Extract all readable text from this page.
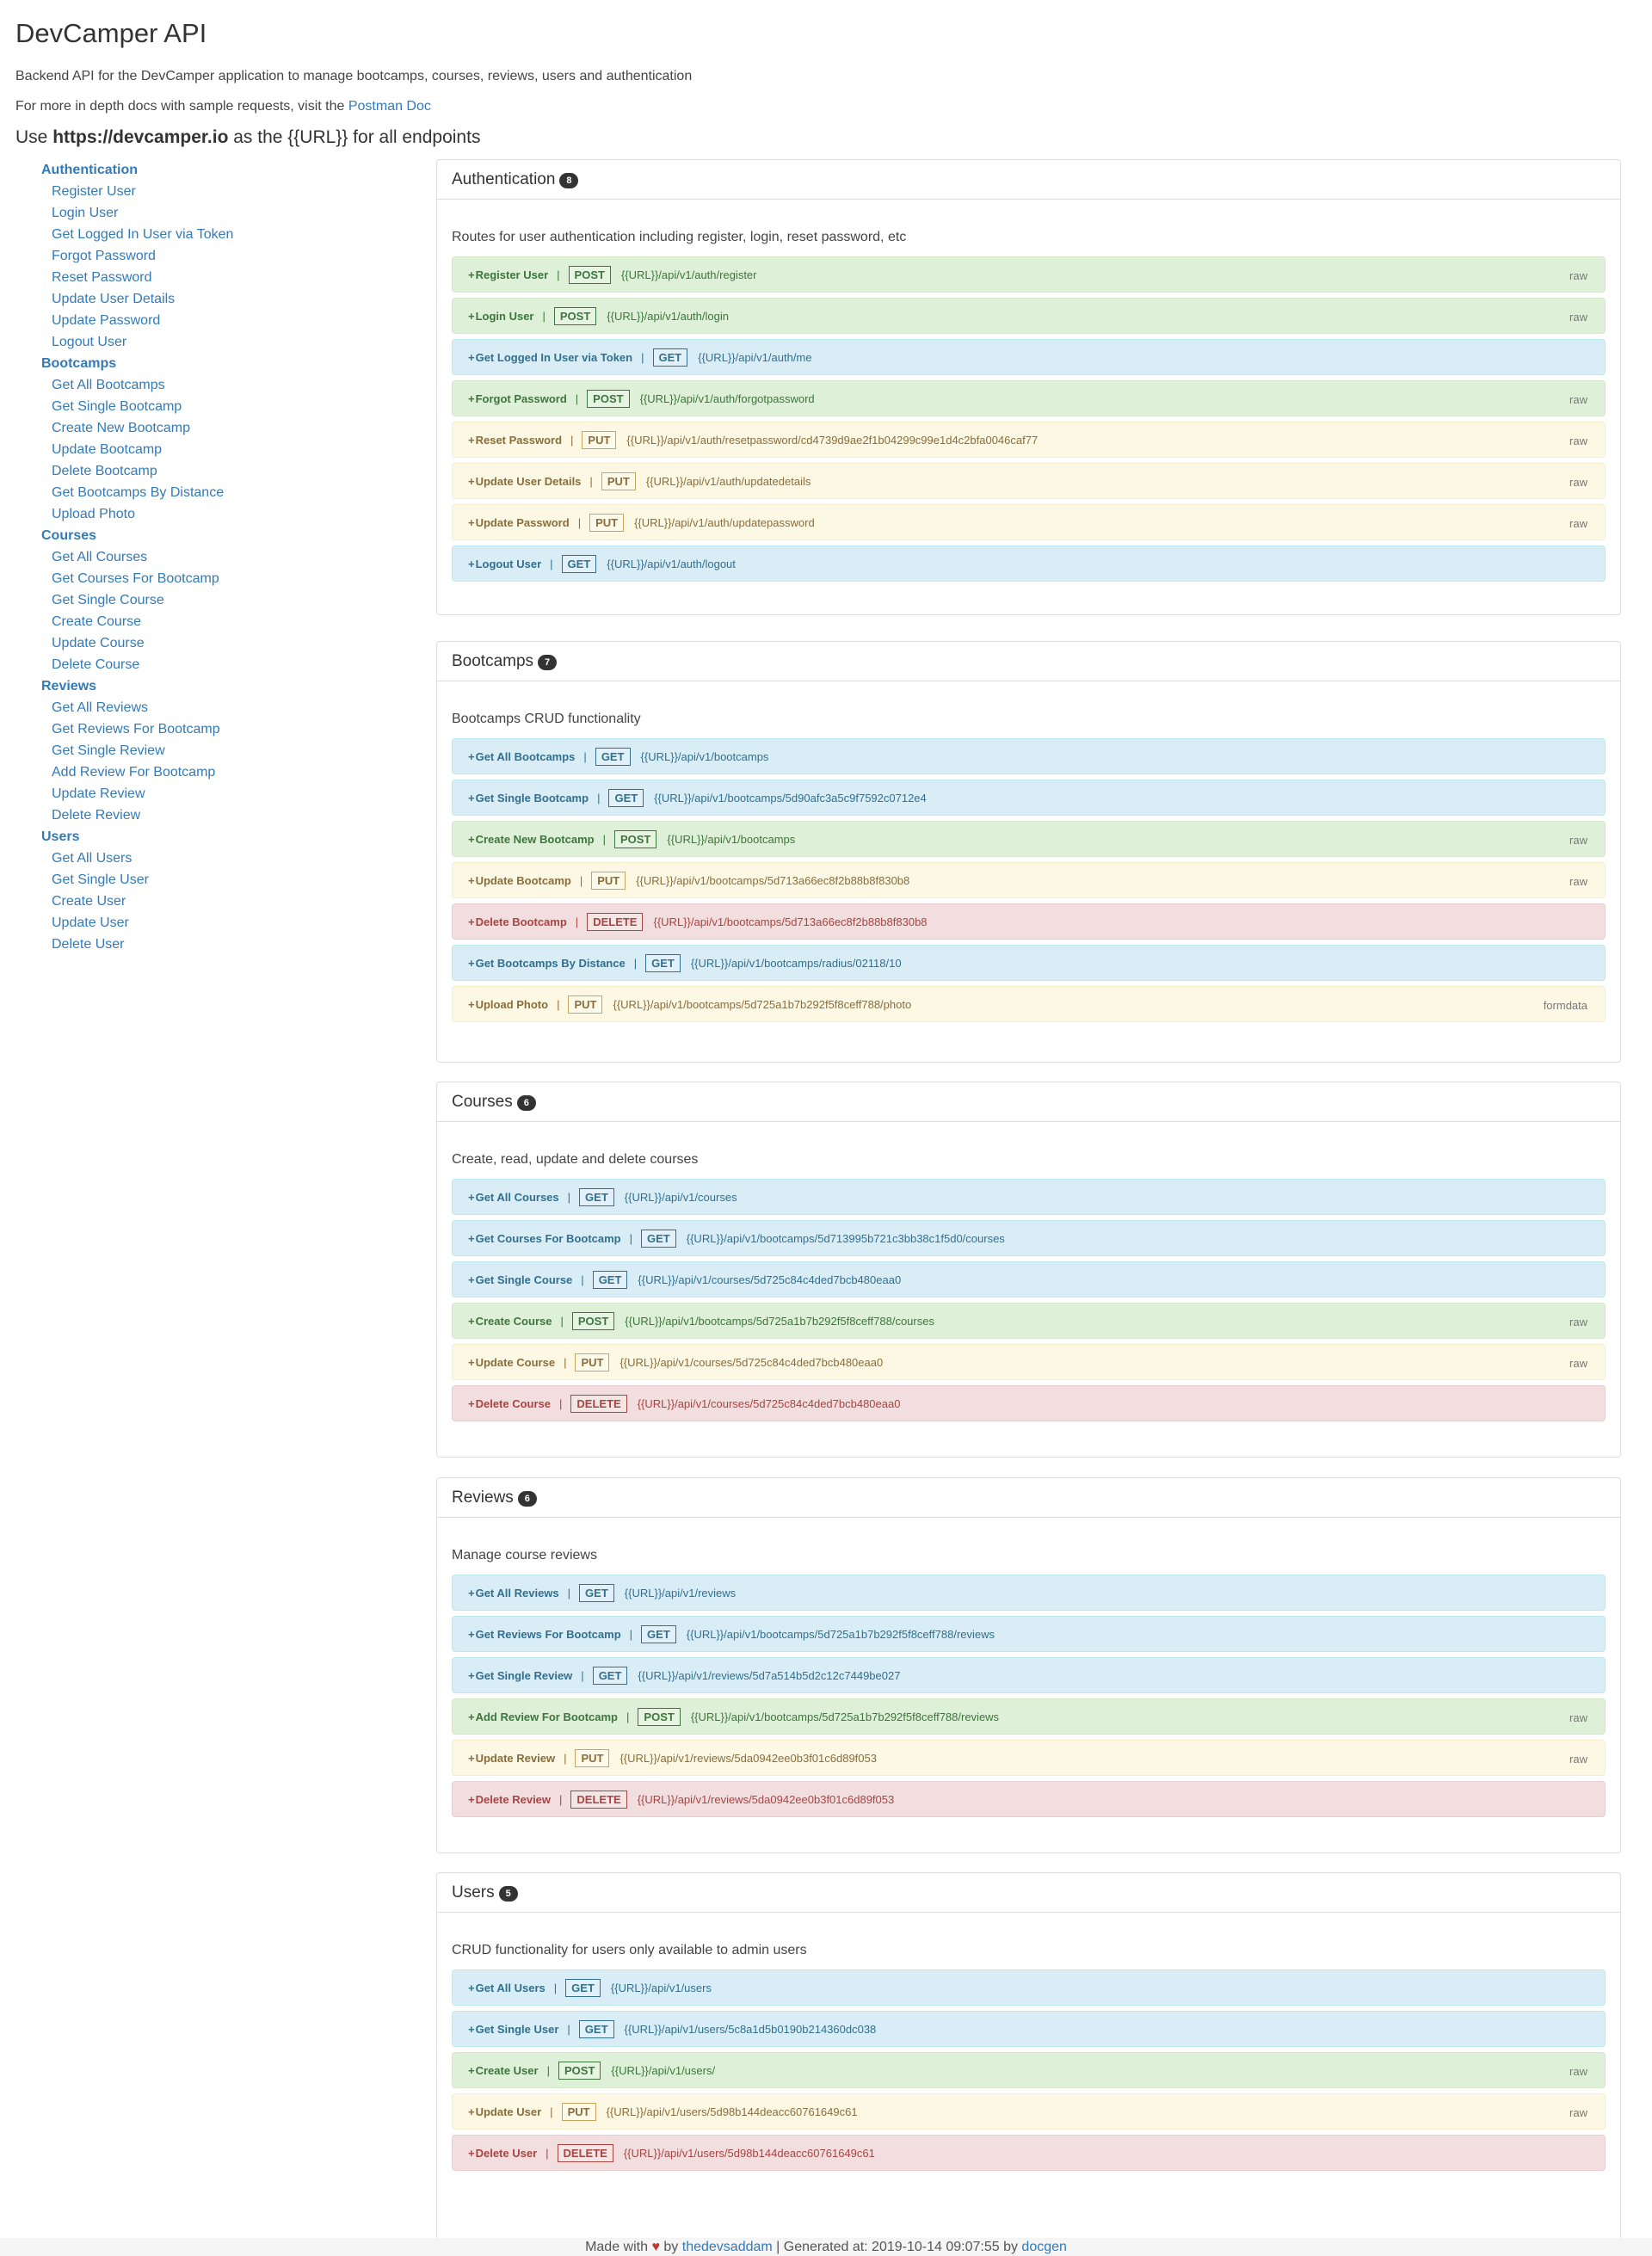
DevCamper API

Backend API for the DevCamper application to manage bootcamps, courses, reviews, users and authentication

For more in depth docs with sample requests, visit the Postman Doc

Use https://devcamper.io as the {{URL}} for all endpoints

Authentication
Register User
Login User
Get Logged In User via Token
Forgot Password
Reset Password
Update User Details
Update Password
Logout User
Bootcamps
Get All Bootcamps
Get Single Bootcamp
Create New Bootcamp
Update Bootcamp
Delete Bootcamp
Get Bootcamps By Distance
Upload Photo
Courses
Get All Courses
Get Courses For Bootcamp
Get Single Course
Create Course
Update Course
Delete Course
Reviews
Get All Reviews
Get Reviews For Bootcamp
Get Single Review
Add Review For Bootcamp
Update Review
Delete Review
Users
Get All Users
Get Single User
Create User
Update User
Delete User
Authentication	8
Routes for user authentication including register, login, reset password, etc
+ Register User |	POST	{{URL}}/api/v1/auth/register	raw
+ Login User |	POST	{{URL}}/api/v1/auth/login	raw
+ Get Logged In User via Token |	GET	{{URL}}/api/v1/auth/me
+ Forgot Password |	POST	{{URL}}/api/v1/auth/forgotpassword	raw
+ Reset Password |	PUT	{{URL}}/api/v1/auth/resetpassword/cd4739d9ae2f1b04299c99e1d4c2bfa0046caf77	raw
+ Update User Details |	PUT	{{URL}}/api/v1/auth/updatedetails	raw
+ Update Password |	PUT	{{URL}}/api/v1/auth/updatepassword	raw
+ Logout User |	GET	{{URL}}/api/v1/auth/logout
Bootcamps	7
Bootcamps CRUD functionality
+ Get All Bootcamps |	GET	{{URL}}/api/v1/bootcamps
+ Get Single Bootcamp |	GET	{{URL}}/api/v1/bootcamps/5d90afc3a5c9f7592c0712e4
+ Create New Bootcamp |	POST	{{URL}}/api/v1/bootcamps	raw
+ Update Bootcamp |	PUT	{{URL}}/api/v1/bootcamps/5d713a66ec8f2b88b8f830b8	raw
+ Delete Bootcamp |	DELETE	{{URL}}/api/v1/bootcamps/5d713a66ec8f2b88b8f830b8
+ Get Bootcamps By Distance |	GET	{{URL}}/api/v1/bootcamps/radius/02118/10
+ Upload Photo |	PUT	{{URL}}/api/v1/bootcamps/5d725a1b7b292f5f8ceff788/photo	formdata
Courses	6
Create, read, update and delete courses
+ Get All Courses |	GET	{{URL}}/api/v1/courses
+ Get Courses For Bootcamp |	GET	{{URL}}/api/v1/bootcamps/5d713995b721c3bb38c1f5d0/courses
+ Get Single Course |	GET	{{URL}}/api/v1/courses/5d725c84c4ded7bcb480eaa0
+ Create Course |	POST	{{URL}}/api/v1/bootcamps/5d725a1b7b292f5f8ceff788/courses	raw
+ Update Course |	PUT	{{URL}}/api/v1/courses/5d725c84c4ded7bcb480eaa0	raw
+ Delete Course |	DELETE	{{URL}}/api/v1/courses/5d725c84c4ded7bcb480eaa0
Reviews	6
Manage course reviews
+ Get All Reviews |	GET	{{URL}}/api/v1/reviews
+ Get Reviews For Bootcamp |	GET	{{URL}}/api/v1/bootcamps/5d725a1b7b292f5f8ceff788/reviews
+ Get Single Review |	GET	{{URL}}/api/v1/reviews/5d7a514b5d2c12c7449be027
+ Add Review For Bootcamp |	POST	{{URL}}/api/v1/bootcamps/5d725a1b7b292f5f8ceff788/reviews	raw
+ Update Review |	PUT	{{URL}}/api/v1/reviews/5da0942ee0b3f01c6d89f053	raw
+ Delete Review |	DELETE	{{URL}}/api/v1/reviews/5da0942ee0b3f01c6d89f053
Users	5
CRUD functionality for users only available to admin users
+ Get All Users |	GET	{{URL}}/api/v1/users
+ Get Single User |	GET	{{URL}}/api/v1/users/5c8a1d5b0190b214360dc038
+ Create User |	POST	{{URL}}/api/v1/users/	raw
+ Update User |	PUT	{{URL}}/api/v1/users/5d98b144deacc60761649c61	raw
+ Delete User |	DELETE	{{URL}}/api/v1/users/5d98b144deacc60761649c61
Made with ♥ by thedevsaddam | Generated at: 2019-10-14 09:07:55 by docgen
